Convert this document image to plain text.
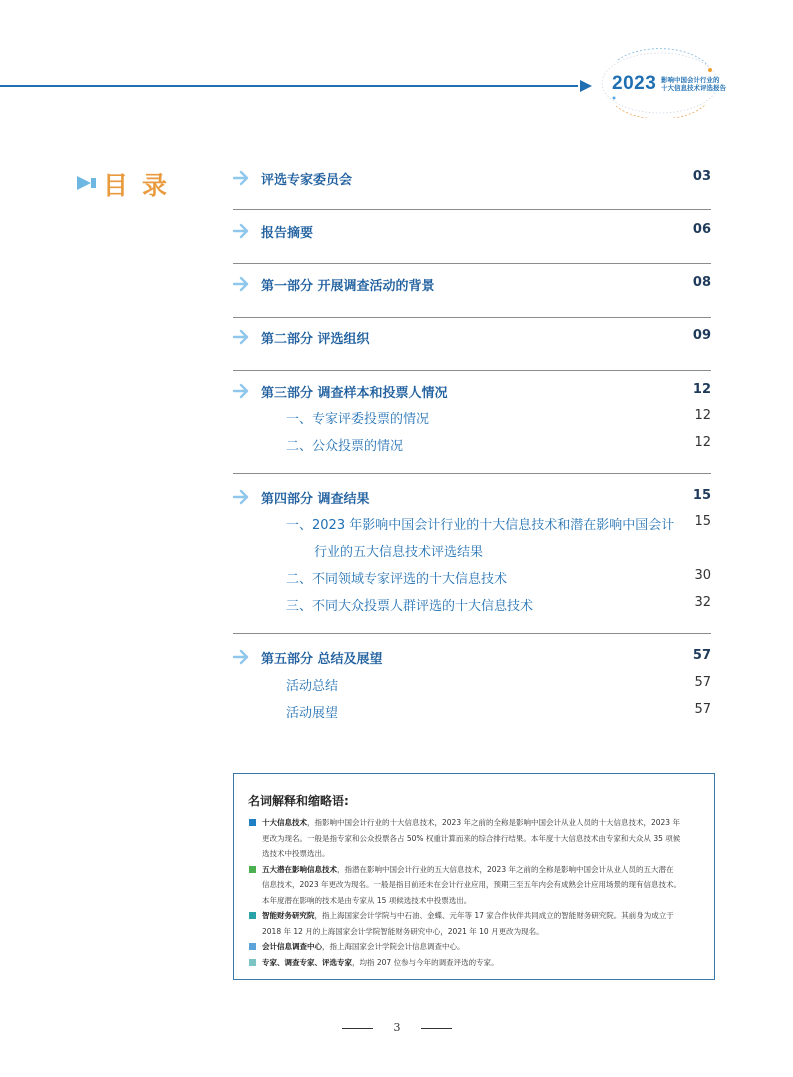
2023 影响中国会计行业的
十大信息技术评选报告
目录	评选专家委员会	03
报告摘要	06
第一部分 开展调查活动的背景	08
第二部分 评选组织	09
第三部分 调查样本和投票人情况	12
一、专家评委投票的情况	12
二、公众投票的情况	12
第四部分 调查结果	15
一、2023 年影响中国会计行业的十大信息技术和潜在影响中国会计 15
行业的五大信息技术评选结果
二、不同领域专家评选的十大信息技术	30
三、不同大众投票人群评选的十大信息技术	32
第五部分 总结及展望	57
活动总结	57
活动展望	57
名词解释和缩略语:
十大信息技术，指影响中国会计行业的十大信息技术，2023 年之前的全称是影响中国会计从业人员的十大信息技术，2023 年
更改为现名。一般是指专家和公众投票各占 50% 权重计算而来的综合排行结果。本年度十大信息技术由专家和大众从 35 项候
选技术中投票选出。
五大潜在影响信息技术，指潜在影响中国会计行业的五大信息技术，2023 年之前的全称是影响中国会计从业人员的五大潜在
信息技术，2023 年更改为现名。一般是指目前还未在会计行业应用，预期三至五年内会有成熟会计应用场景的现有信息技术。
本年度潜在影响的技术是由专家从 15 项候选技术中投票选出。
智能财务研究院，指上海国家会计学院与中石油、金蝶、元年等 17 家合作伙伴共同成立的智能财务研究院。其前身为成立于
2018 年 12 月的上海国家会计学院智能财务研究中心，2021 年 10 月更改为现名。
会计信息调查中心，指上海国家会计学院会计信息调查中心。
专家、调查专家、评选专家，均指 207 位参与今年的调查评选的专家。
3
